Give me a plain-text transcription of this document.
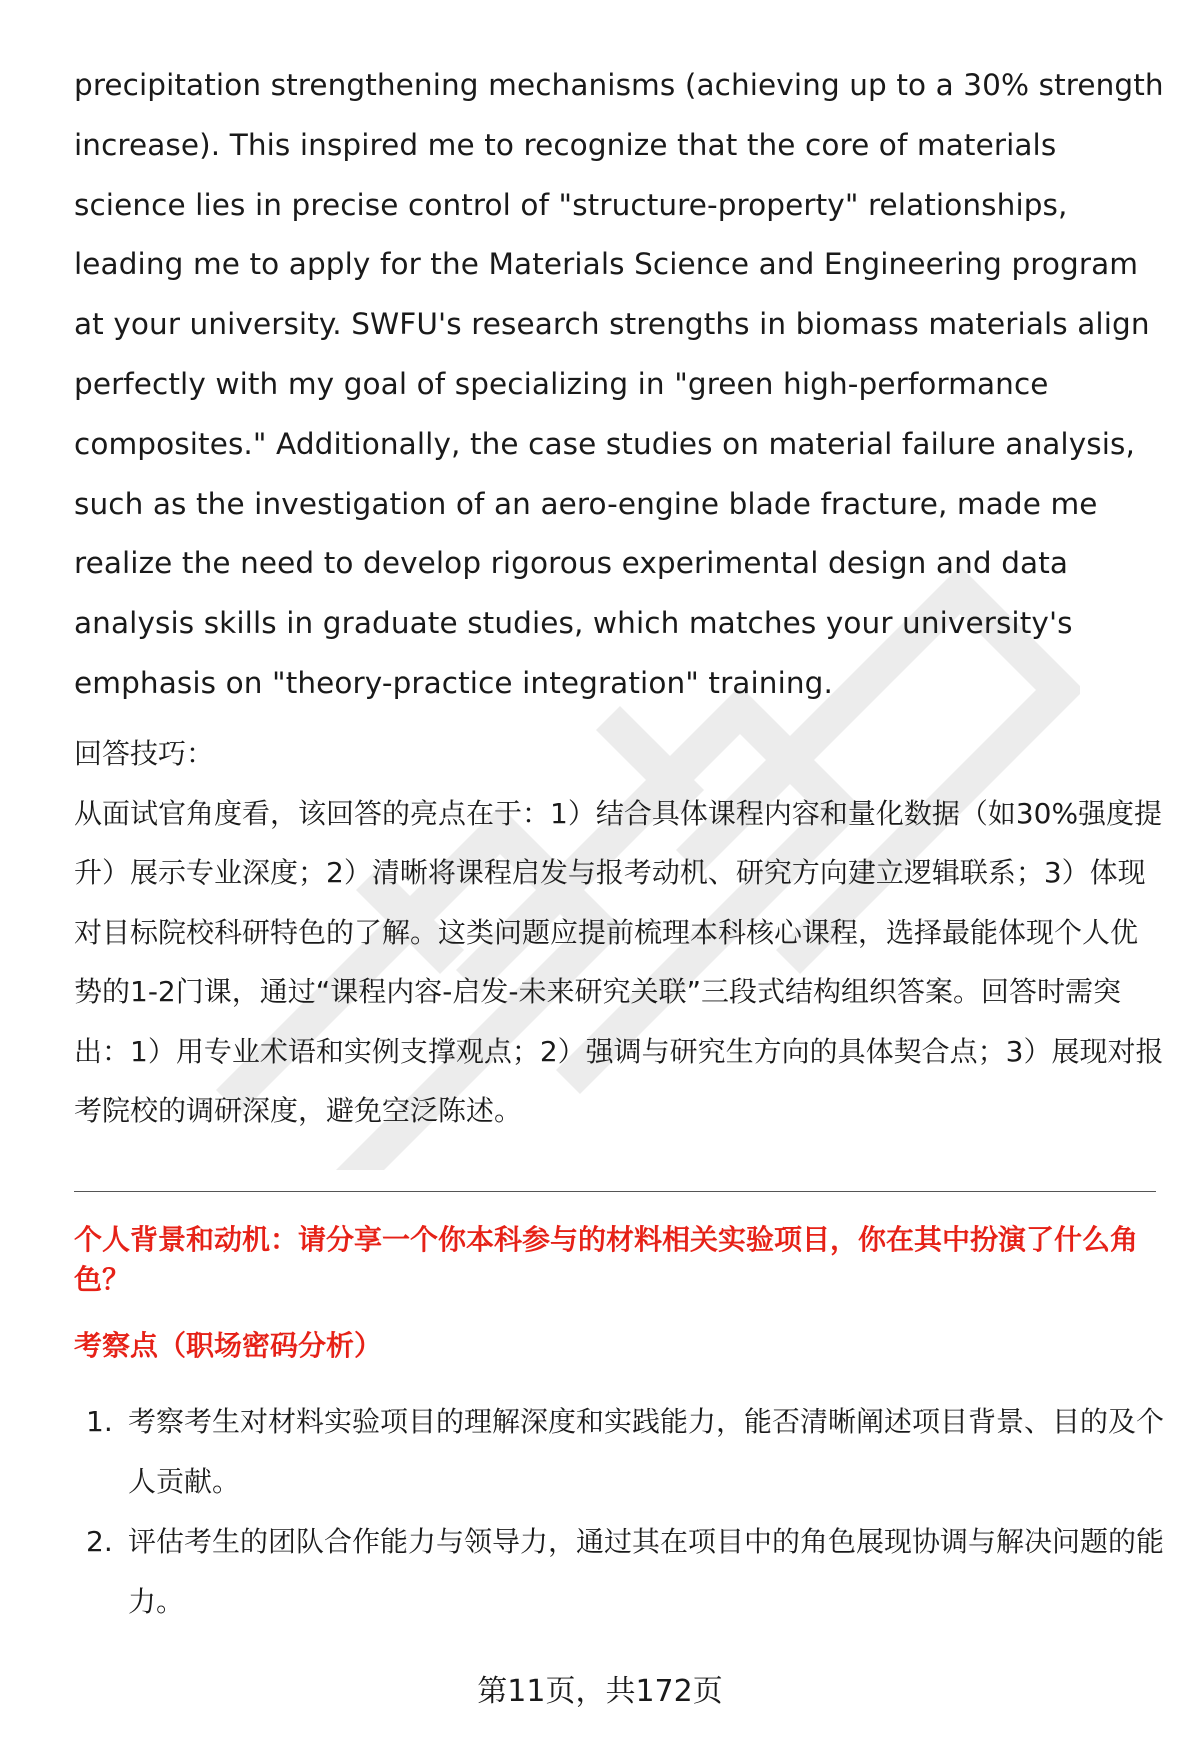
precipitation strengthening mechanisms (achieving up to a 30% strength increase). This inspired me to recognize that the core of materials science lies in precise control of "structure-property" relationships, leading me to apply for the Materials Science and Engineering program at your university. SWFU's research strengths in biomass materials align perfectly with my goal of specializing in "green high-performance composites." Additionally, the case studies on material failure analysis, such as the investigation of an aero-engine blade fracture, made me realize the need to develop rigorous experimental design and data analysis skills in graduate studies, which matches your university's emphasis on "theory-practice integration" training.

回答技巧：

从面试官角度看，该回答的亮点在于：1）结合具体课程内容和量化数据（如30%强度提升）展示专业深度；2）清晰将课程启发与报考动机、研究方向建立逻辑联系；3）体现对目标院校科研特色的了解。这类问题应提前梳理本科核心课程，选择最能体现个人优势的1-2门课，通过“课程内容-启发-未来研究关联”三段式结构组织答案。回答时需突出：1）用专业术语和实例支撑观点；2）强调与研究生方向的具体契合点；3）展现对报考院校的调研深度，避免空泛陈述。

个人背景和动机：请分享一个你本科参与的材料相关实验项目，你在其中扮演了什么角色？

考察点（职场密码分析）

1. 考察考生对材料实验项目的理解深度和实践能力，能否清晰阐述项目背景、目的及个人贡献。
2. 评估考生的团队合作能力与领导力，通过其在项目中的角色展现协调与解决问题的能力。
第11页，共172页
